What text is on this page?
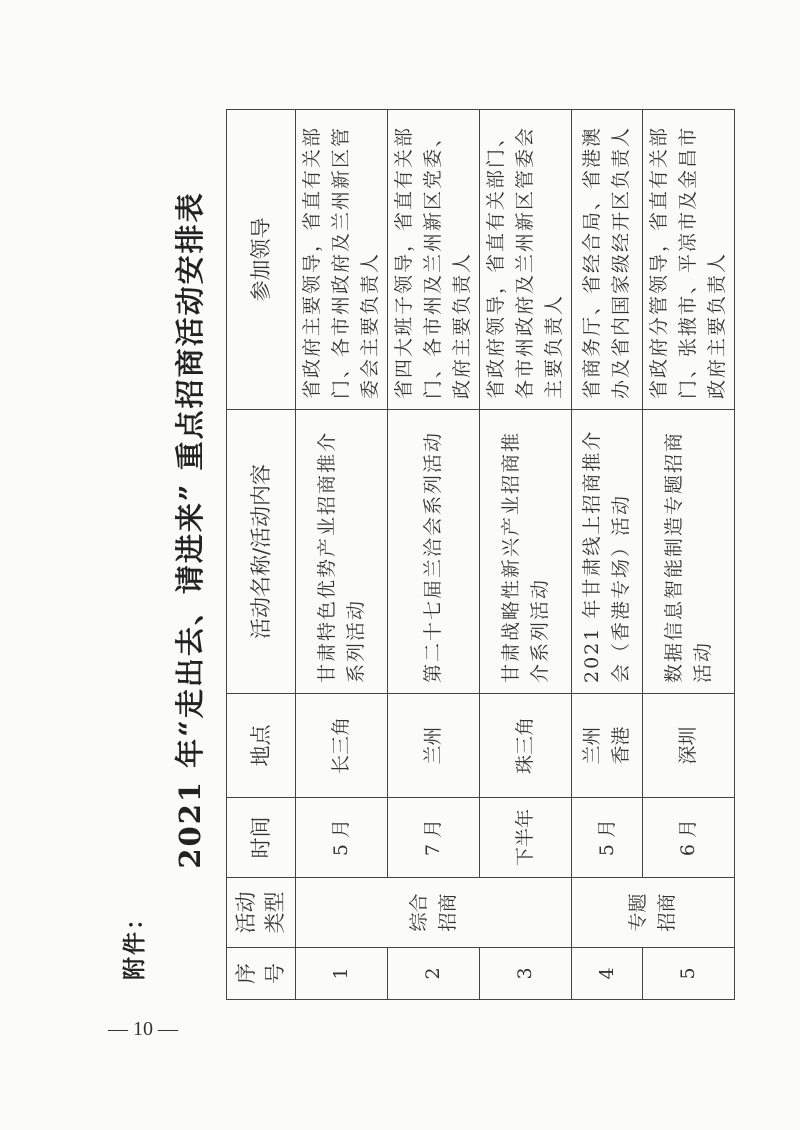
— 10 —
附件：
2021 年“走出去、请进来” 重点招商活动安排表
序号	活动类型	时间	地点	活动名称/活动内容	参加领导
1	综合招商	5 月	长三角	甘肃特色优势产业招商推介系列活动	省政府主要领导，省直有关部门、各市州政府及兰州新区管委会主要负责人
2		7 月	兰州	第二十七届兰洽会系列活动	省四大班子领导，省直有关部门、各市州及兰州新区党委、政府主要负责人
3		下半年	珠三角	甘肃战略性新兴产业招商推介系列活动	省政府领导，省直有关部门、各市州政府及兰州新区管委会主要负责人
4	专题招商	5 月	兰州 香港	2021 年甘肃线上招商推介会（香港专场）活动	省商务厅、省经合局、省港澳办及省内国家级经开区负责人
5		6 月	深圳	数据信息智能制造专题招商活动	省政府分管领导，省直有关部门、张掖市、平凉市及金昌市政府主要负责人
